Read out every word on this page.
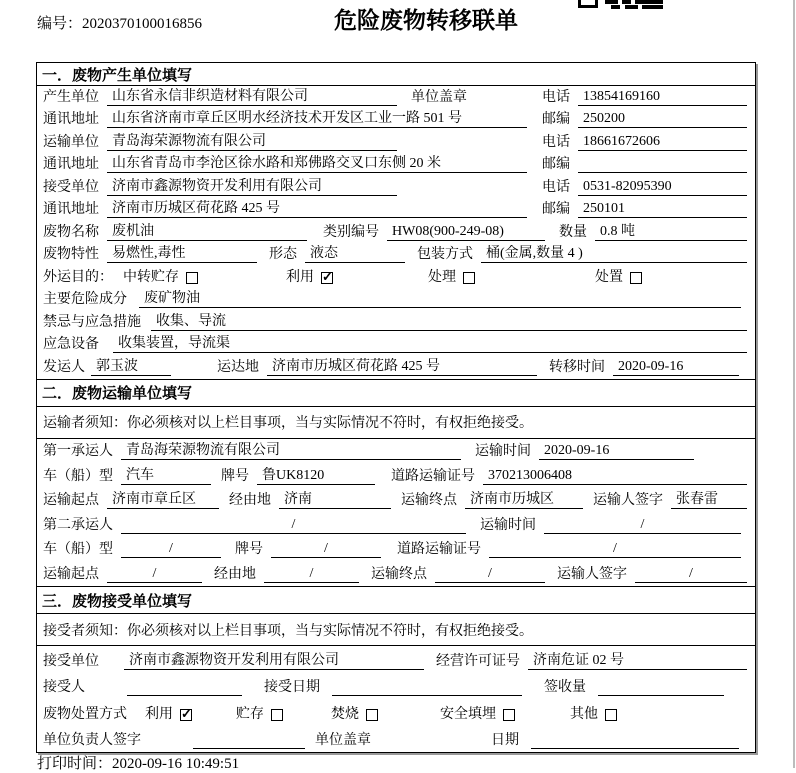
编号：2020370100016856	危险废物转移联单
一．废物产生单位填写
产生单位 山东省永信非织造材料有限公司	单位盖章	电话 13854169160
通讯地址 山东省济南市章丘区明水经济技术开发区工业一路 501 号	邮编 250200
运输单位 青岛海荣源物流有限公司	电话 18661672606
通讯地址 山东省青岛市李沧区徐水路和郑佛路交叉口东侧 20 米	邮编
接受单位 济南市鑫源物资开发利用有限公司	电话 0531-82095390
通讯地址 济南市历城区荷花路 425 号	邮编 250101
废物名称 废机油	类别编号 HW08(900-249-08)	数量 0.8 吨
废物特性 易燃性,毒性	形态 液态	包装方式 桶(金属,数量 4 )
外运目的： 中转贮存	利用 ✓	处理	处置
主要危险成分	废矿物油
禁忌与应急措施	收集、导流
应急设备	收集装置，导流渠
发运人 郭玉波	运达地 济南市历城区荷花路 425 号	转移时间 2020-09-16
二．废物运输单位填写
运输者须知：你必须核对以上栏目事项，当与实际情况不符时，有权拒绝接受。
第一承运人 青岛海荣源物流有限公司	运输时间 2020-09-16
车（船）型 汽车	牌号 鲁UK8120	道路运输证号 370213006408
运输起点 济南市章丘区	经由地 济南	运输终点 济南市历城区	运输人签字 张春雷
第二承运人	/	运输时间	/
车（船）型	/	牌号	/	道路运输证号	/
运输起点	/	经由地	/	运输终点	/	运输人签字	/
三．废物接受单位填写
接受者须知：你必须核对以上栏目事项，当与实际情况不符时，有权拒绝接受。
接受单位	济南市鑫源物资开发利用有限公司	经营许可证号 济南危证 02 号
接受人	接受日期	签收量
废物处置方式 利用 ✓	贮存	焚烧	安全填埋	其他
单位负责人签字	单位盖章	日期
打印时间：2020-09-16 10:49:51
